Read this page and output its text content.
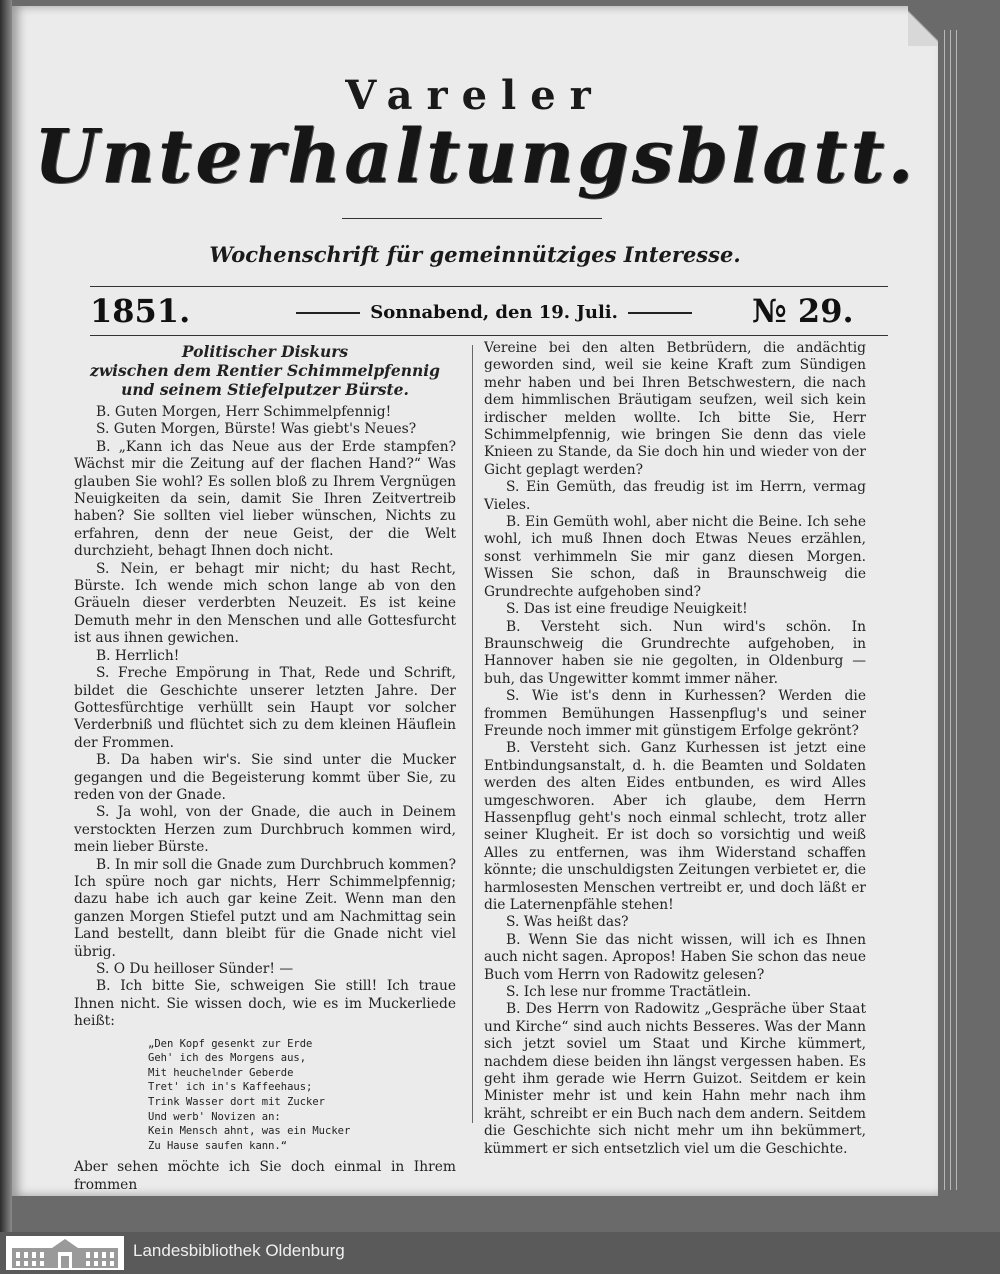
Vareler
Unterhaltungsblatt.
Wochenschrift für gemeinnütziges Interesse.
1851.	Sonnabend, den 19. Juli.	№ 29.
Politischer Diskurs
zwischen dem Rentier Schimmelpfennig
und seinem Stiefelputzer Bürste.

B. Guten Morgen, Herr Schimmelpfennig!

S. Guten Morgen, Bürste! Was giebt's Neues?

B. „Kann ich das Neue aus der Erde stampfen? Wächst mir die Zeitung auf der flachen Hand?“ Was glauben Sie wohl? Es sollen bloß zu Ihrem Vergnügen Neuigkeiten da sein, damit Sie Ihren Zeitvertreib haben? Sie sollten viel lieber wünschen, Nichts zu erfahren, denn der neue Geist, der die Welt durchzieht, behagt Ihnen doch nicht.

S. Nein, er behagt mir nicht; du hast Recht, Bürste. Ich wende mich schon lange ab von den Gräueln dieser verderbten Neuzeit. Es ist keine Demuth mehr in den Menschen und alle Gottesfurcht ist aus ihnen gewichen.

B. Herrlich!

S. Freche Empörung in That, Rede und Schrift, bildet die Geschichte unserer letzten Jahre. Der Gottesfürchtige verhüllt sein Haupt vor solcher Verderbniß und flüchtet sich zu dem kleinen Häuflein der Frommen.

B. Da haben wir's. Sie sind unter die Mucker gegangen und die Begeisterung kommt über Sie, zu reden von der Gnade.

S. Ja wohl, von der Gnade, die auch in Deinem verstockten Herzen zum Durchbruch kommen wird, mein lieber Bürste.

B. In mir soll die Gnade zum Durchbruch kommen? Ich spüre noch gar nichts, Herr Schimmelpfennig; dazu habe ich auch gar keine Zeit. Wenn man den ganzen Morgen Stiefel putzt und am Nachmittag sein Land bestellt, dann bleibt für die Gnade nicht viel übrig.

S. O Du heilloser Sünder! —

B. Ich bitte Sie, schweigen Sie still! Ich traue Ihnen nicht. Sie wissen doch, wie es im Muckerliede heißt:

„Den Kopf gesenkt zur Erde
Geh' ich des Morgens aus,
Mit heuchelnder Geberde
Tret' ich in's Kaffeehaus;
Trink Wasser dort mit Zucker
Und werb' Novizen an:
Kein Mensch ahnt, was ein Mucker
Zu Hause saufen kann.“

Aber sehen möchte ich Sie doch einmal in Ihrem frommen

Vereine bei den alten Betbrüdern, die andächtig geworden sind, weil sie keine Kraft zum Sündigen mehr haben und bei Ihren Betschwestern, die nach dem himmlischen Bräutigam seufzen, weil sich kein irdischer melden wollte. Ich bitte Sie, Herr Schimmelpfennig, wie bringen Sie denn das viele Knieen zu Stande, da Sie doch hin und wieder von der Gicht geplagt werden?

S. Ein Gemüth, das freudig ist im Herrn, vermag Vieles.

B. Ein Gemüth wohl, aber nicht die Beine. Ich sehe wohl, ich muß Ihnen doch Etwas Neues erzählen, sonst verhimmeln Sie mir ganz diesen Morgen. Wissen Sie schon, daß in Braunschweig die Grundrechte aufgehoben sind?

S. Das ist eine freudige Neuigkeit!

B. Versteht sich. Nun wird's schön. In Braunschweig die Grundrechte aufgehoben, in Hannover haben sie nie gegolten, in Oldenburg — buh, das Ungewitter kommt immer näher.

S. Wie ist's denn in Kurhessen? Werden die frommen Bemühungen Hassenpflug's und seiner Freunde noch immer mit günstigem Erfolge gekrönt?

B. Versteht sich. Ganz Kurhessen ist jetzt eine Entbindungsanstalt, d. h. die Beamten und Soldaten werden des alten Eides entbunden, es wird Alles umgeschworen. Aber ich glaube, dem Herrn Hassenpflug geht's noch einmal schlecht, trotz aller seiner Klugheit. Er ist doch so vorsichtig und weiß Alles zu entfernen, was ihm Widerstand schaffen könnte; die unschuldigsten Zeitungen verbietet er, die harmlosesten Menschen vertreibt er, und doch läßt er die Laternenpfähle stehen!

S. Was heißt das?

B. Wenn Sie das nicht wissen, will ich es Ihnen auch nicht sagen. Apropos! Haben Sie schon das neue Buch vom Herrn von Radowitz gelesen?

S. Ich lese nur fromme Tractätlein.

B. Des Herrn von Radowitz „Gespräche über Staat und Kirche“ sind auch nichts Besseres. Was der Mann sich jetzt soviel um Staat und Kirche kümmert, nachdem diese beiden ihn längst vergessen haben. Es geht ihm gerade wie Herrn Guizot. Seitdem er kein Minister mehr ist und kein Hahn mehr nach ihm kräht, schreibt er ein Buch nach dem andern. Seitdem die Geschichte sich nicht mehr um ihn bekümmert, kümmert er sich entsetzlich viel um die Geschichte.

Landesbibliothek Oldenburg
